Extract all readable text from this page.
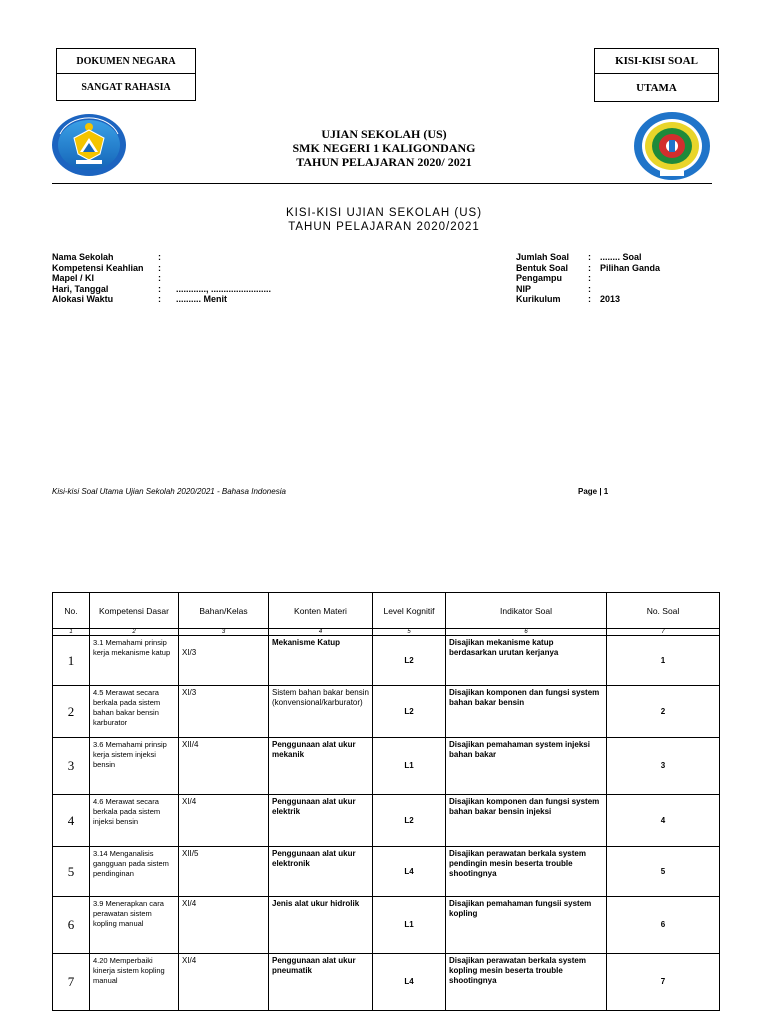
DOKUMEN NEGARA
SANGAT RAHASIA
KISI-KISI SOAL
UTAMA
UJIAN SEKOLAH (US)
SMK NEGERI 1 KALIGONDANG
TAHUN PELAJARAN 2020/ 2021
KISI-KISI UJIAN SEKOLAH (US)
TAHUN PELAJARAN 2020/2021
Nama Sekolah	:
Kompetensi Keahlian	:
Mapel / KI	:
Hari, Tanggal	:	............, ........................
Alokasi Waktu	:	.......... Menit
Jumlah Soal	:	........ Soal
Bentuk Soal	:	Pilihan Ganda
Pengampu	:
NIP	:
Kurikulum	:	2013
Kisi-kisi Soal Utama Ujian Sekolah 2020/2021 - Bahasa Indonesia	Page | 1
No.	Kompetensi Dasar	Bahan/Kelas	Konten Materi	Level Kognitif	Indikator Soal	No. Soal
1	2	3	4	5	6	7
1	3.1 Memahami prinsip kerja mekanisme katup	XI/3	Mekanisme Katup	L2	Disajikan mekanisme katup berdasarkan urutan kerjanya	1
2	4.5 Merawat secara berkala pada sistem bahan bakar bensin karburator	XI/3	Sistem bahan bakar bensin (konvensional/karburator)	L2	Disajikan komponen dan fungsi system bahan bakar bensin	2
3	3.6 Memahami prinsip kerja sistem injeksi bensin	XII/4	Penggunaan alat ukur mekanik	L1	Disajikan pemahaman system injeksi bahan bakar	3
4	4.6 Merawat secara berkala pada sistem injeksi bensin	XI/4	Penggunaan alat ukur elektrik	L2	Disajikan komponen dan fungsi system bahan bakar bensin injeksi	4
5	3.14 Menganalisis gangguan pada sistem pendinginan	XII/5	Penggunaan alat ukur elektronik	L4	Disajikan perawatan berkala system pendingin mesin beserta trouble shootingnya	5
6	3.9 Menerapkan cara perawatan sistem kopling manual	XI/4	Jenis alat ukur hidrolik	L1	Disajikan pemahaman fungsii system kopling	6
7	4.20 Memperbaiki kinerja sistem kopling manual	XI/4	Penggunaan alat ukur pneumatik	L4	Disajikan perawatan berkala system kopling mesin beserta trouble shootingnya	7
